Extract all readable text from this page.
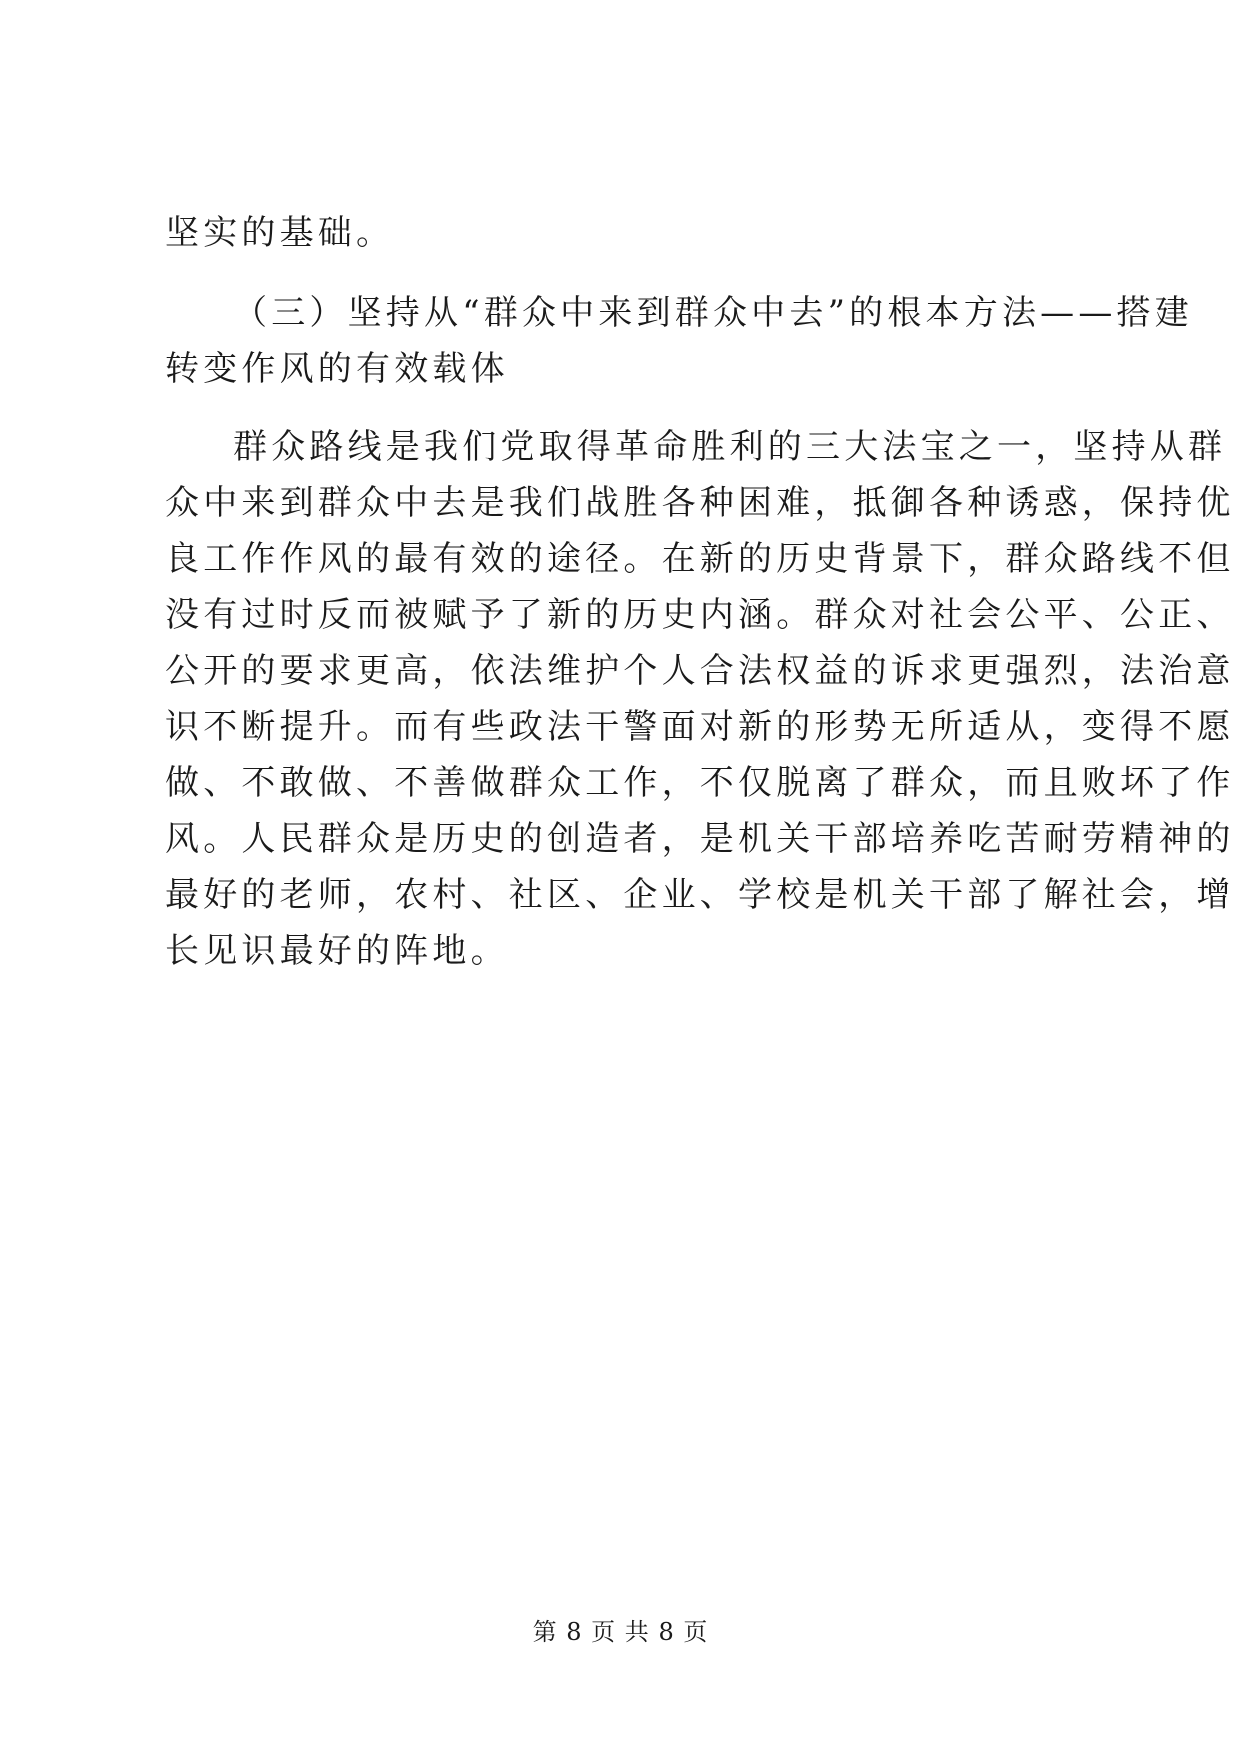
坚实的基础。
（三）坚持从“群众中来到群众中去”的根本方法——搭建
转变作风的有效载体
群众路线是我们党取得革命胜利的三大法宝之一，坚持从群
众中来到群众中去是我们战胜各种困难，抵御各种诱惑，保持优
良工作作风的最有效的途径。在新的历史背景下，群众路线不但
没有过时反而被赋予了新的历史内涵。群众对社会公平、公正、
公开的要求更高，依法维护个人合法权益的诉求更强烈，法治意
识不断提升。而有些政法干警面对新的形势无所适从，变得不愿
做、不敢做、不善做群众工作，不仅脱离了群众，而且败坏了作
风。人民群众是历史的创造者，是机关干部培养吃苦耐劳精神的
最好的老师，农村、社区、企业、学校是机关干部了解社会，增
长见识最好的阵地。
第 8 页 共 8 页
